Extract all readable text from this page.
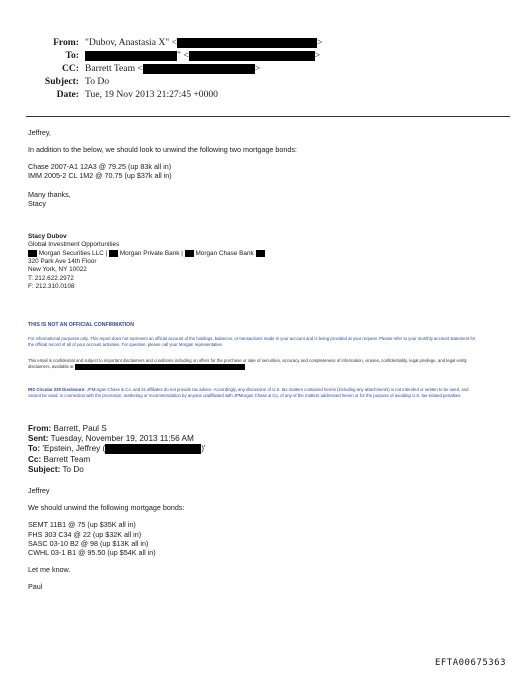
From: "Dubov, Anastasia X" <	>
To:	" <	>
CC: Barrett Team <	>
Subject: To Do
Date: Tue, 19 Nov 2013 21:27:45 +0000

Jeffrey,

In addition to the below, we should look to unwind the following two mortgage bonds:

Chase 2007-A1 12A3 @ 79.25 (up 83k all in)
IMM 2005-2 CL 1M2 @ 70.75 (up $37k all in)

Many thanks,
Stacy

Stacy Dubov
Global Investment Opportunities
Morgan Securities LLC | Morgan Private Bank | Morgan Chase Bank
320 Park Ave 14th Floor
New York, NY 10022
T: 212.622.2972
F: 212.310.0108
THIS IS NOT AN OFFICIAL CONFIRMATION
For informational purposes only. This report does not represent an official account of the holdings, balances, or transactions made in your account and is being provided at your request. Please refer to your monthly account statement for the official record of all of your account activities. For question, please call your Morgan representative.
This email is confidential and subject to important disclaimers and conditions including on offers for the purchase or sale of securities, accuracy and completeness of information, viruses, confidentiality, legal privilege, and legal entity disclaimers, available at
IRS Circular 230 Disclosure: JPMorgan Chase & Co. and its affiliates do not provide tax advice. Accordingly, any discussion of U.S. tax matters contained herein (including any attachments) is not intended or written to be used, and cannot be used, in connection with the promotion, marketing or recommendation by anyone unaffiliated with JPMorgan Chase & Co. of any of the matters addressed herein or for the purpose of avoiding U.S. tax-related penalties.
From: Barrett, Paul S
Sent: Tuesday, November 19, 2013 11:56 AM
To: 'Epstein, Jeffrey (	)'
Cc: Barrett Team
Subject: To Do

Jeffrey

We should unwind the following mortgage bonds:

SEMT 11B1 @ 75 (up $35K all in)
FHS 303 C34 @ 22 (up $32K all in)
SASC 03-10 B2 @ 98 (up $13K all in)
CWHL 03-1 B1 @ 95.50 (up $54K all in)

Let me know.

Paul

EFTA00675363
